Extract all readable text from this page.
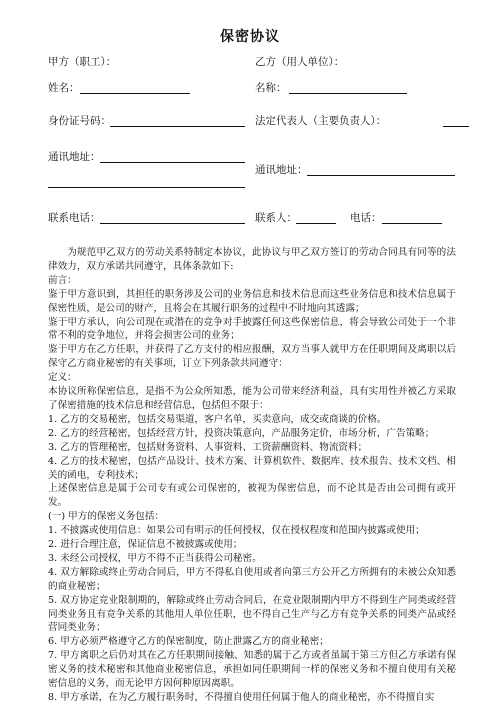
保密协议
甲方（职工）：	乙方（用人单位）：
姓名：	名称：
身份证号码：	法定代表人（主要负责人）：
通讯地址：
通讯地址：
联系电话：	联系人：	电话：

为规范甲乙双方的劳动关系特制定本协议，此协议与甲乙双方签订的劳动合同具有同等的法律效力，双方承诺共同遵守，具体条款如下:

前言：

鉴于甲方意识到，其担任的职务涉及公司的业务信息和技术信息而这些业务信息和技术信息属于保密性质，是公司的财产，且将会在其履行职务的过程中不时地向其透露；

鉴于甲方承认，向公司现在或潜在的竞争对手披露任何这些保密信息，将会导致公司处于一个非常不利的竞争地位，并将会损害公司的业务；

鉴于甲方在乙方任职，并获得了乙方支付的相应报酬，双方当事人就甲方在任职期间及离职以后保守乙方商业秘密的有关事项，订立下列条款共同遵守：

定义：

本协议所称保密信息，是指不为公众所知悉，能为公司带来经济利益，具有实用性并被乙方采取了保密措施的技术信息和经营信息，包括但不限于：

1. 乙方的交易秘密，包括交易渠道，客户名单，买卖意向，成交或商谈的价格。

2. 乙方的经营秘密，包括经营方针，投资决策意向，产品服务定价，市场分析，广告策略；

3. 乙方的管理秘密，包括财务资料、人事资料、工资薪酬资料、物流资料；

4. 乙方的技术秘密，包括产品设计、技术方案、计算机软件、数据库、技术报告、技术文档、相关的函电，专利技术；

上述保密信息是属于公司专有或公司保密的，被视为保密信息，而不论其是否由公司拥有或开发。

(一) 甲方的保密义务包括：

1. 不披露或使用信息：如果公司有明示的任何授权，仅在授权程度和范围内披露或使用；

2. 进行合理注意，保证信息不被披露或使用；

3. 未经公司授权，甲方不得不正当获得公司秘密。

4. 双方解除或终止劳动合同后，甲方不得私自使用或者向第三方公开乙方所拥有的未被公众知悉的商业秘密；

5. 双方协定竞业限制期的，解除或终止劳动合同后，在竞业限制期内甲方不得到生产同类或经营同类业务且有竞争关系的其他用人单位任职，也不得自己生产与乙方有竞争关系的同类产品或经营同类业务；

6. 甲方必须严格遵守乙方的保密制度，防止泄露乙方的商业秘密；

7. 甲方离职之后仍对其在乙方任职期间接触、知悉的属于乙方或者虽属于第三方但乙方承诺有保密义务的技术秘密和其他商业秘密信息，承担如同任职期间一样的保密义务和不擅自使用有关秘密信息的义务，而无论甲方因何种原因离职。

8. 甲方承诺，在为乙方履行职务时，不得擅自使用任何属于他人的商业秘密，亦不得擅自实
